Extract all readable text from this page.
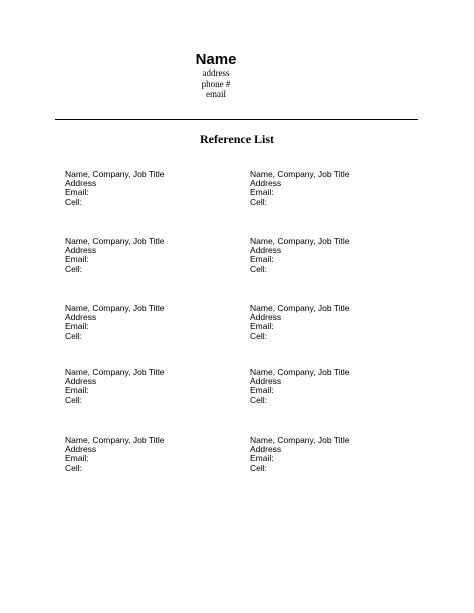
Name
address
phone #
email
Reference List
Name, Company, Job Title
Address
Email:
Cell:
Name, Company, Job Title
Address
Email:
Cell:
Name, Company, Job Title
Address
Email:
Cell:
Name, Company, Job Title
Address
Email:
Cell:
Name, Company, Job Title
Address
Email:
Cell:
Name, Company, Job Title
Address
Email:
Cell:
Name, Company, Job Title
Address
Email:
Cell:
Name, Company, Job Title
Address
Email:
Cell:
Name, Company, Job Title
Address
Email:
Cell:
Name, Company, Job Title
Address
Email:
Cell:
